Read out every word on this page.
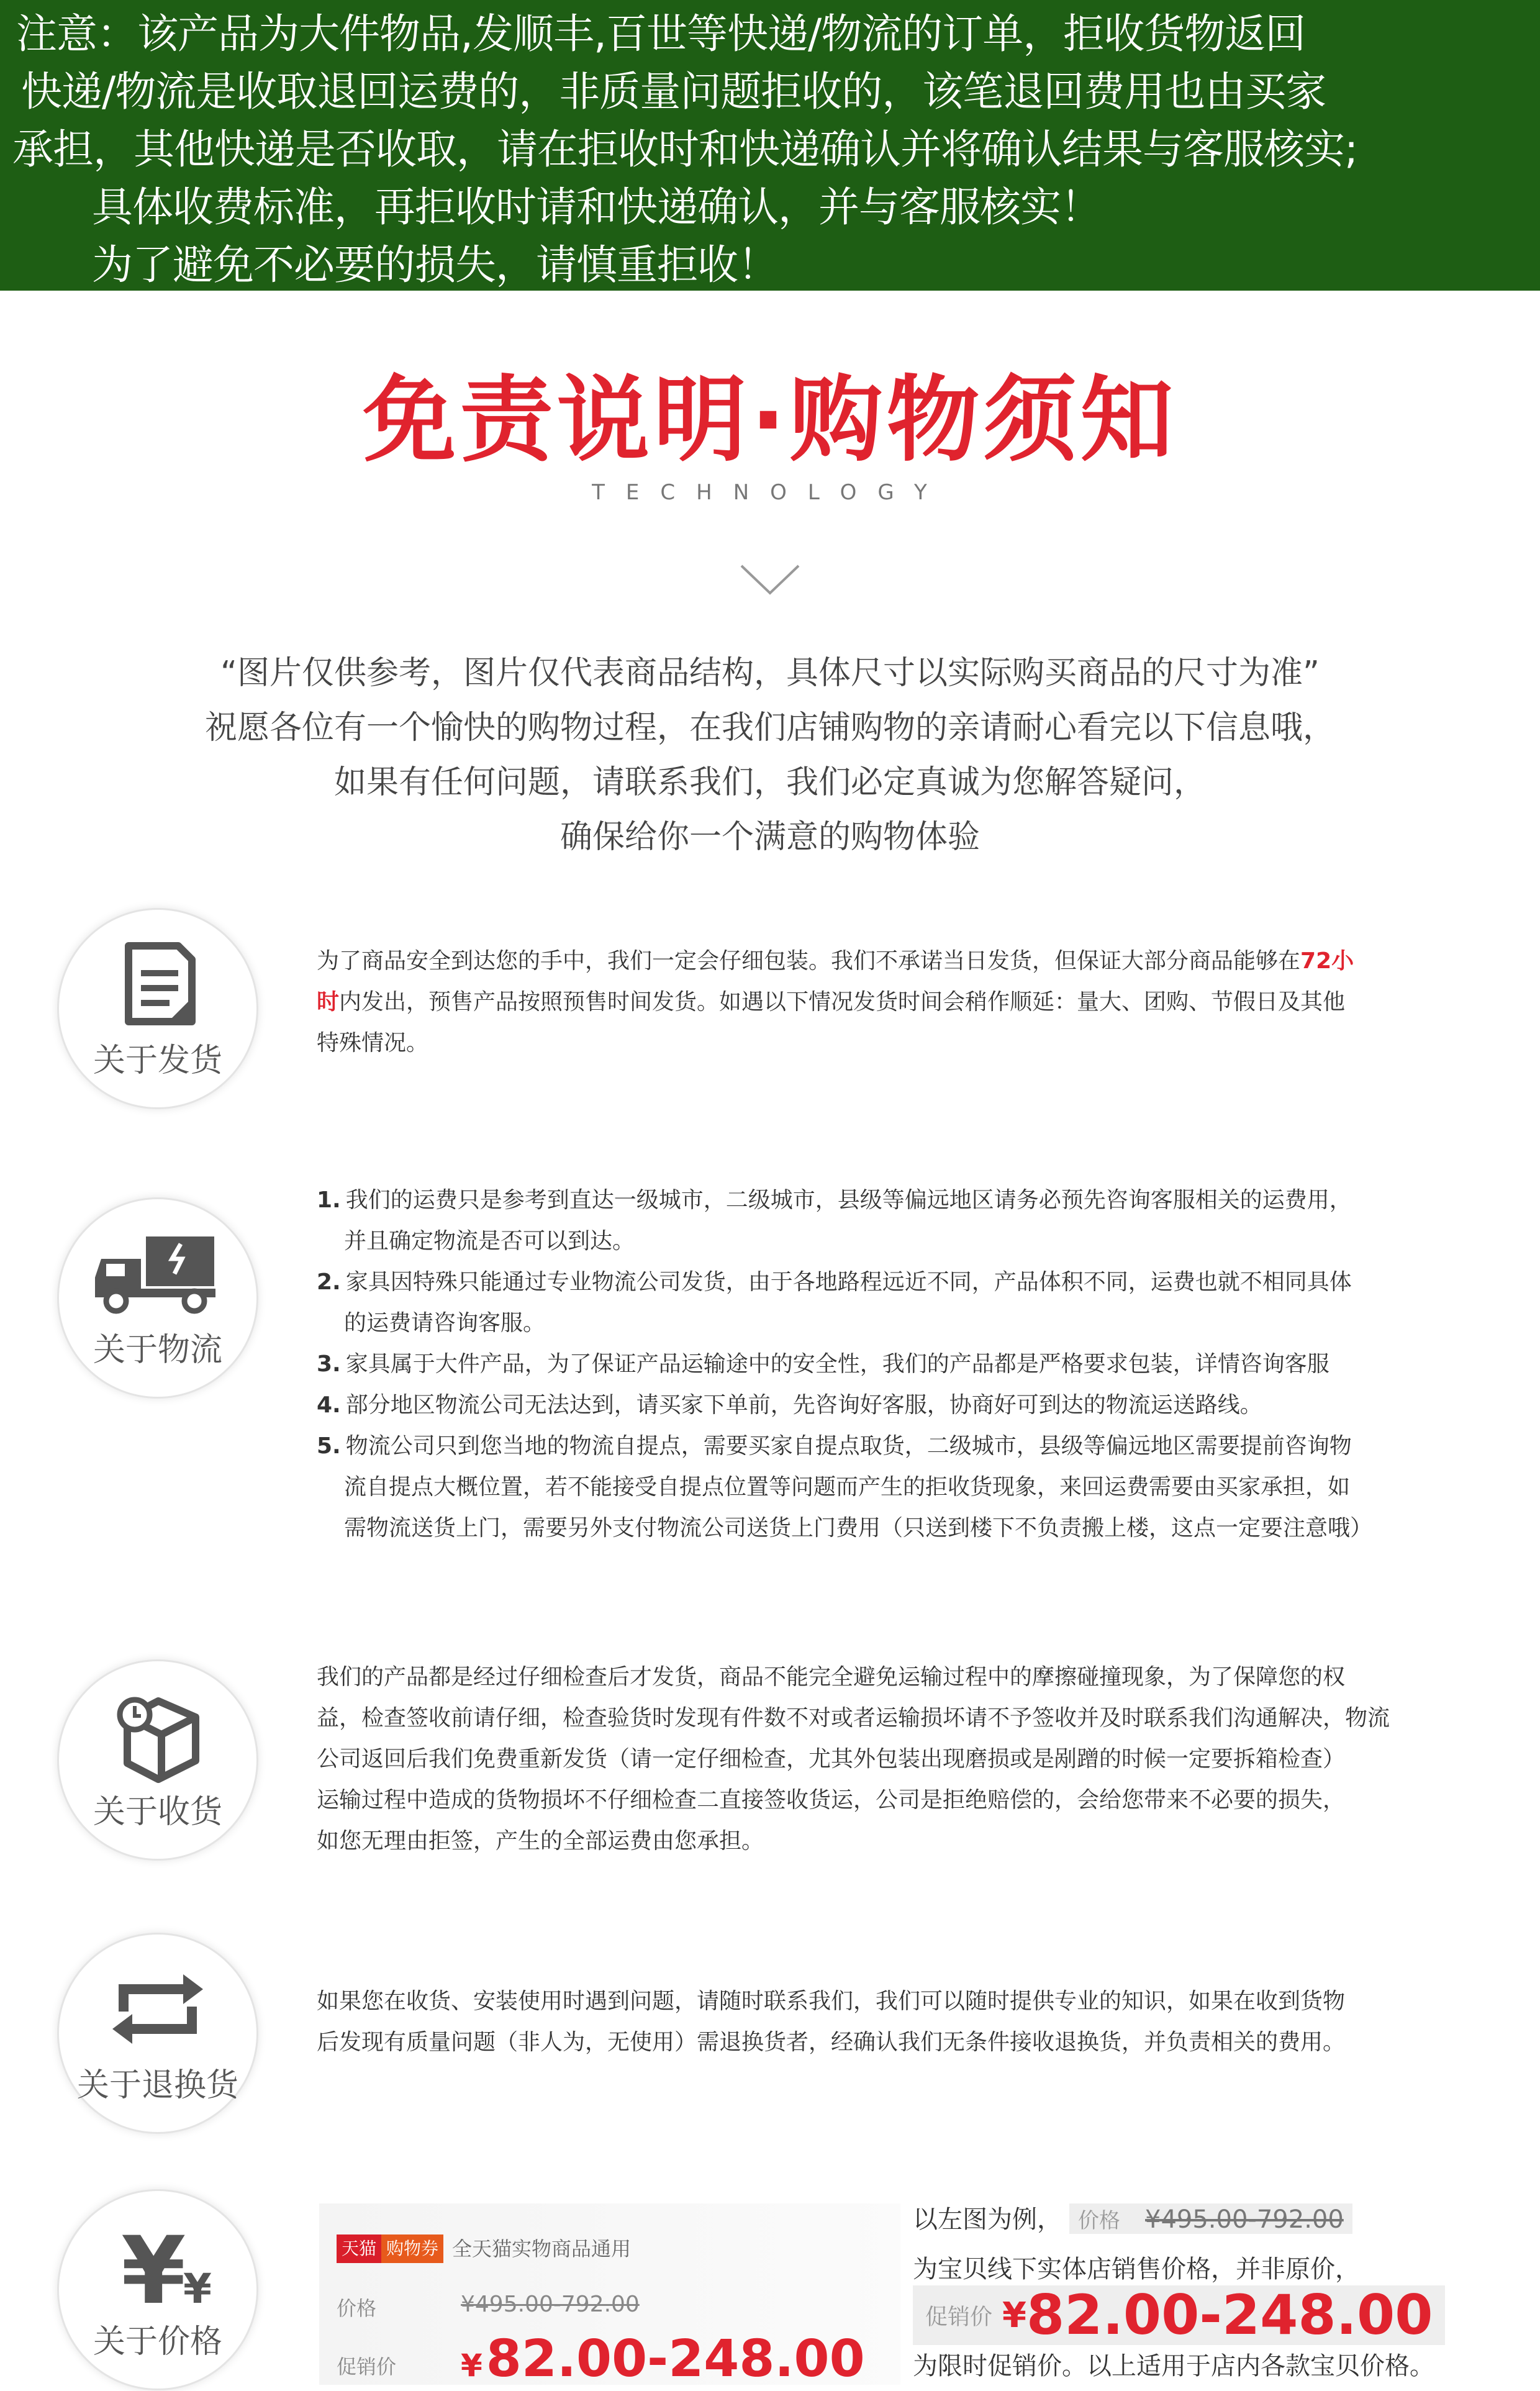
注意：该产品为大件物品,发顺丰,百世等快递/物流的订单，拒收货物返回
快递/物流是收取退回运费的，非质量问题拒收的，该笔退回费用也由买家
承担，其他快递是否收取，请在拒收时和快递确认并将确认结果与客服核实;
具体收费标准，再拒收时请和快递确认，并与客服核实！
为了避免不必要的损失，请慎重拒收！
免责说明·购物须知
TECHNOLOGY
“图片仅供参考，图片仅代表商品结构，具体尺寸以实际购买商品的尺寸为准”
祝愿各位有一个愉快的购物过程，在我们店铺购物的亲请耐心看完以下信息哦，
如果有任何问题，请联系我们，我们必定真诚为您解答疑问，
确保给你一个满意的购物体验
关于发货
为了商品安全到达您的手中，我们一定会仔细包装。我们不承诺当日发货，但保证大部分商品能够在72小
时内发出，预售产品按照预售时间发货。如遇以下情况发货时间会稍作顺延：量大、团购、节假日及其他
特殊情况。
关于物流
1. 我们的运费只是参考到直达一级城市，二级城市，县级等偏远地区请务必预先咨询客服相关的运费用，
并且确定物流是否可以到达。
2. 家具因特殊只能通过专业物流公司发货，由于各地路程远近不同，产品体积不同，运费也就不相同具体
的运费请咨询客服。
3. 家具属于大件产品，为了保证产品运输途中的安全性，我们的产品都是严格要求包装，详情咨询客服
4. 部分地区物流公司无法达到，请买家下单前，先咨询好客服，协商好可到达的物流运送路线。
5. 物流公司只到您当地的物流自提点，需要买家自提点取货，二级城市，县级等偏远地区需要提前咨询物
流自提点大概位置，若不能接受自提点位置等问题而产生的拒收货现象，来回运费需要由买家承担，如
需物流送货上门，需要另外支付物流公司送货上门费用（只送到楼下不负责搬上楼，这点一定要注意哦）
关于收货
我们的产品都是经过仔细检查后才发货，商品不能完全避免运输过程中的摩擦碰撞现象，为了保障您的权
益，检查签收前请仔细，检查验货时发现有件数不对或者运输损坏请不予签收并及时联系我们沟通解决，物流
公司返回后我们免费重新发货（请一定仔细检查，尤其外包装出现磨损或是剐蹭的时候一定要拆箱检查）
运输过程中造成的货物损坏不仔细检查二直接签收货运，公司是拒绝赔偿的，会给您带来不必要的损失，
如您无理由拒签，产生的全部运费由您承担。
关于退换货
如果您在收货、安装使用时遇到问题，请随时联系我们，我们可以随时提供专业的知识，如果在收到货物
后发现有质量问题（非人为，无使用）需退换货者，经确认我们无条件接收退换货，并负责相关的费用。
¥
¥
关于价格
天猫 购物券 全天猫实物商品通用
价格	¥495.00-792.00
促销价 ¥82.00-248.00
以左图为例， 价格 ¥495.00-792.00
为宝贝线下实体店销售价格，并非原价，
促销价 ¥82.00-248.00
为限时促销价。以上适用于店内各款宝贝价格。
